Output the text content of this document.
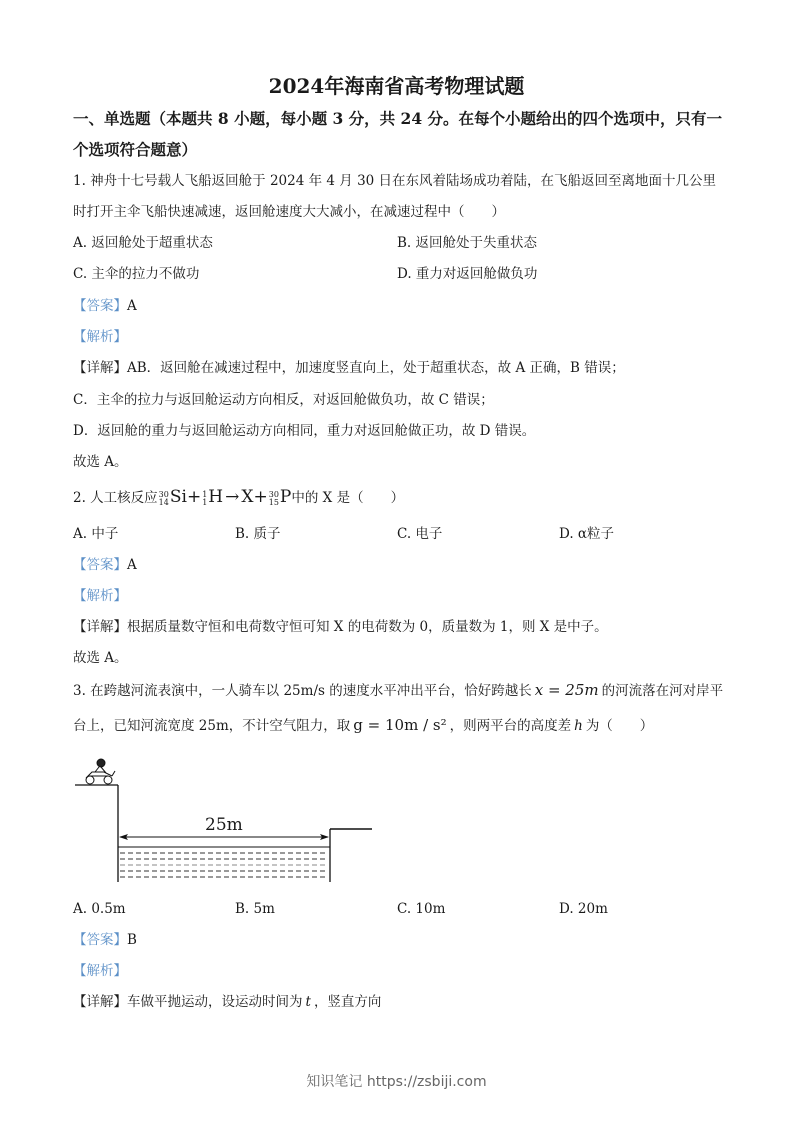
2024年海南省高考物理试题
一、单选题（本题共 8 小题，每小题 3 分，共 24 分。在每个小题给出的四个选项中，只有一
个选项符合题意）
1. 神舟十七号载人飞船返回舱于 2024 年 4 月 30 日在东风着陆场成功着陆，在飞船返回至离地面十几公里
时打开主伞飞船快速减速，返回舱速度大大减小，在减速过程中（　　）
A. 返回舱处于超重状态	B. 返回舱处于失重状态
C. 主伞的拉力不做功	D. 重力对返回舱做负功
【答案】A
【解析】
【详解】AB．返回舱在减速过程中，加速度竖直向上，处于超重状态，故 A 正确，B 错误；
C．主伞的拉力与返回舱运动方向相反，对返回舱做负功，故 C 错误；
D．返回舱的重力与返回舱运动方向相同，重力对返回舱做正功，故 D 错误。
故选 A。
2. 人工核反应 30
14 Si+ 1
1 H → X+ 30
15 P中的 X 是（　　）
A. 中子	B. 质子	C. 电子	D. α粒子
【答案】A
【解析】
【详解】根据质量数守恒和电荷数守恒可知 X 的电荷数为 0，质量数为 1，则 X 是中子。
故选 A。
3. 在跨越河流表演中，一人骑车以 25m/s 的速度水平冲出平台，恰好跨越长 x = 25m 的河流落在河对岸平
台上，已知河流宽度 25m，不计空气阻力，取 g = 10m / s² ，则两平台的高度差 h 为（　　）
25m
A. 0.5m	B. 5m	C. 10m	D. 20m
【答案】B
【解析】
【详解】车做平抛运动，设运动时间为 t ，竖直方向
知识笔记 https://zsbiji.com
